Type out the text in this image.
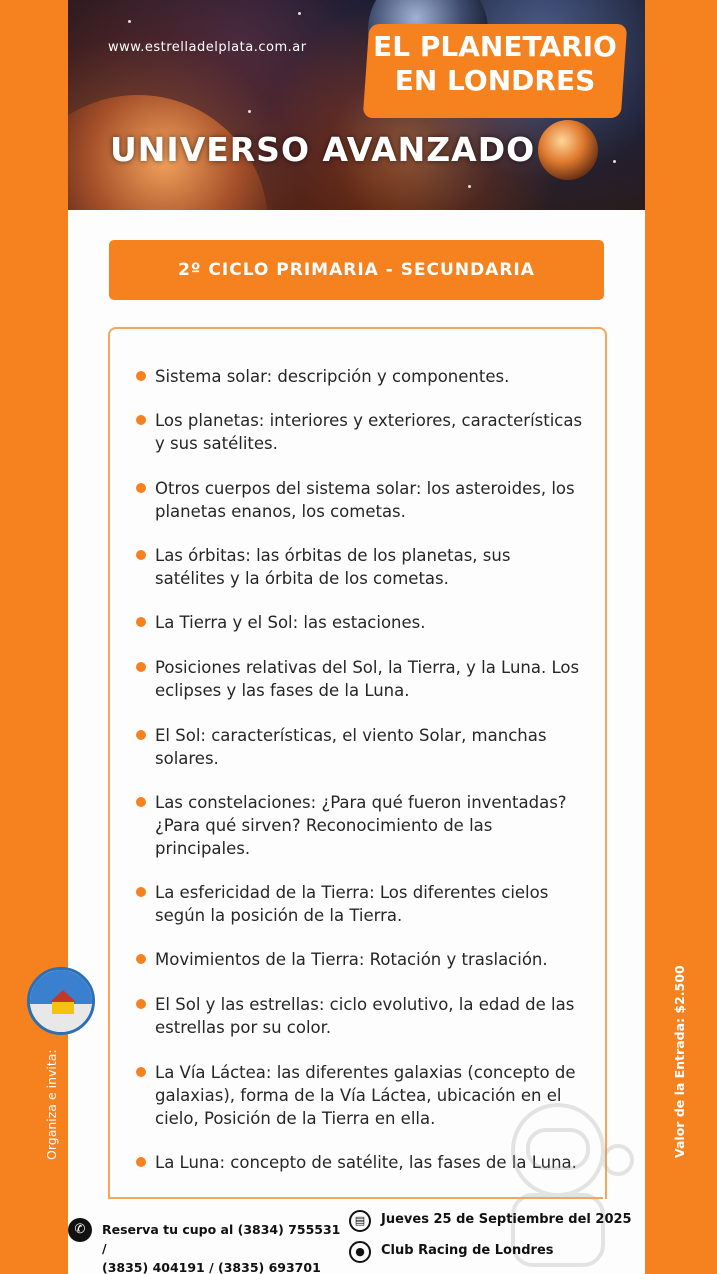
www.estrelladelplata.com.ar EL PLANETARIO
EN LONDRES
UNIVERSO AVANZADO
2º CICLO PRIMARIA - SECUNDARIA
Sistema solar: descripción y componentes.
Los planetas: interiores y exteriores, características y sus satélites.
Otros cuerpos del sistema solar: los asteroides, los planetas enanos, los cometas.
Las órbitas: las órbitas de los planetas, sus satélites y la órbita de los cometas.
La Tierra y el Sol: las estaciones.
Posiciones relativas del Sol, la Tierra, y la Luna. Los eclipses y las fases de la Luna.
El Sol: características, el viento Solar, manchas solares.
Las constelaciones: ¿Para qué fueron inventadas? ¿Para qué sirven? Reconocimiento de las principales.
La esfericidad de la Tierra: Los diferentes cielos según la posición de la Tierra.
Movimientos de la Tierra: Rotación y traslación.
El Sol y las estrellas: ciclo evolutivo, la edad de las estrellas por su color.
La Vía Láctea: las diferentes galaxias (concepto de galaxias), forma de la Vía Láctea, ubicación en el cielo, Posición de la Tierra en ella.
La Luna: concepto de satélite, las fases de la Luna.
✆	Reserva tu cupo al (3834) 755531 /
(3835) 404191 / (3835) 693701
▤	Jueves 25 de Septiembre del 2025
●	Club Racing de Londres
Organiza e invita:	Valor de la Entrada: $2.500
